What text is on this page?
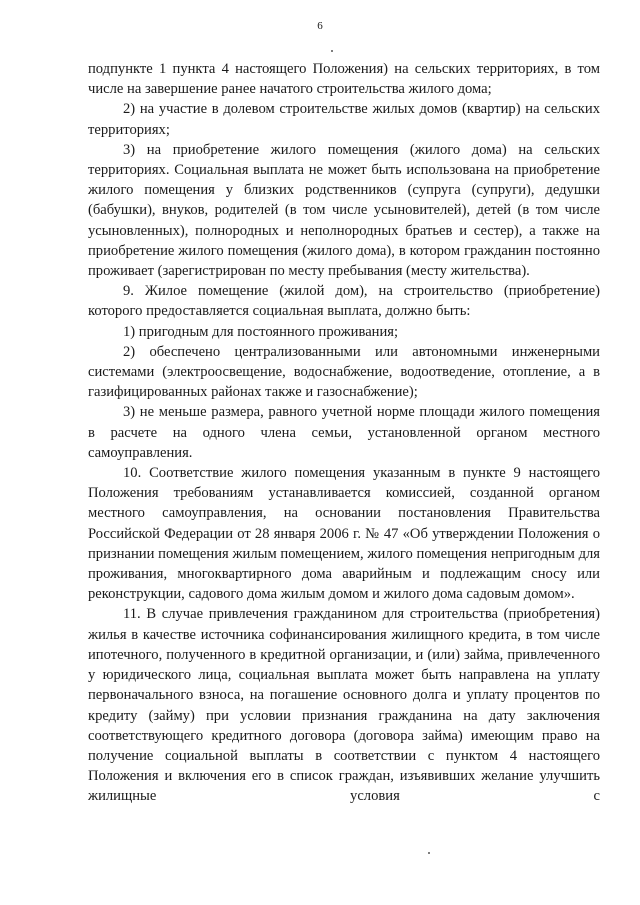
6

подпункте 1 пункта 4 настоящего Положения) на сельских территориях, в том числе на завершение ранее начатого строительства жилого дома;

2) на участие в долевом строительстве жилых домов (квартир) на сельских территориях;

3) на приобретение жилого помещения (жилого дома) на сельских территориях. Социальная выплата не может быть использована на приобретение жилого помещения у близких родственников (супруга (супруги), дедушки (бабушки), внуков, родителей (в том числе усыновителей), детей (в том числе усыновленных), полнородных и неполнородных братьев и сестер), а также на приобретение жилого помещения (жилого дома), в котором гражданин постоянно проживает (зарегистрирован по месту пребывания (месту жительства).

9. Жилое помещение (жилой дом), на строительство (приобретение) которого предоставляется социальная выплата, должно быть:

1) пригодным для постоянного проживания;

2) обеспечено централизованными или автономными инженерными системами (электроосвещение, водоснабжение, водоотведение, отопление, а в газифицированных районах также и газоснабжение);

3) не меньше размера, равного учетной норме площади жилого помещения в расчете на одного члена семьи, установленной органом местного самоуправления.

10. Соответствие жилого помещения указанным в пункте 9 настоящего Положения требованиям устанавливается комиссией, созданной органом местного самоуправления, на основании постановления Правительства Российской Федерации от 28 января 2006 г. № 47 «Об утверждении Положения о признании помещения жилым помещением, жилого помещения непригодным для проживания, многоквартирного дома аварийным и подлежащим сносу или реконструкции, садового дома жилым домом и жилого дома садовым домом».

11. В случае привлечения гражданином для строительства (приобретения) жилья в качестве источника софинансирования жилищного кредита, в том числе ипотечного, полученного в кредитной организации, и (или) займа, привлеченного у юридического лица, социальная выплата может быть направлена на уплату первоначального взноса, на погашение основного долга и уплату процентов по кредиту (займу) при условии признания гражданина на дату заключения соответствующего кредитного договора (договора займа) имеющим право на получение социальной выплаты в соответствии с пунктом 4 настоящего Положения и включения его в список граждан, изъявивших желание улучшить жилищные условия с
